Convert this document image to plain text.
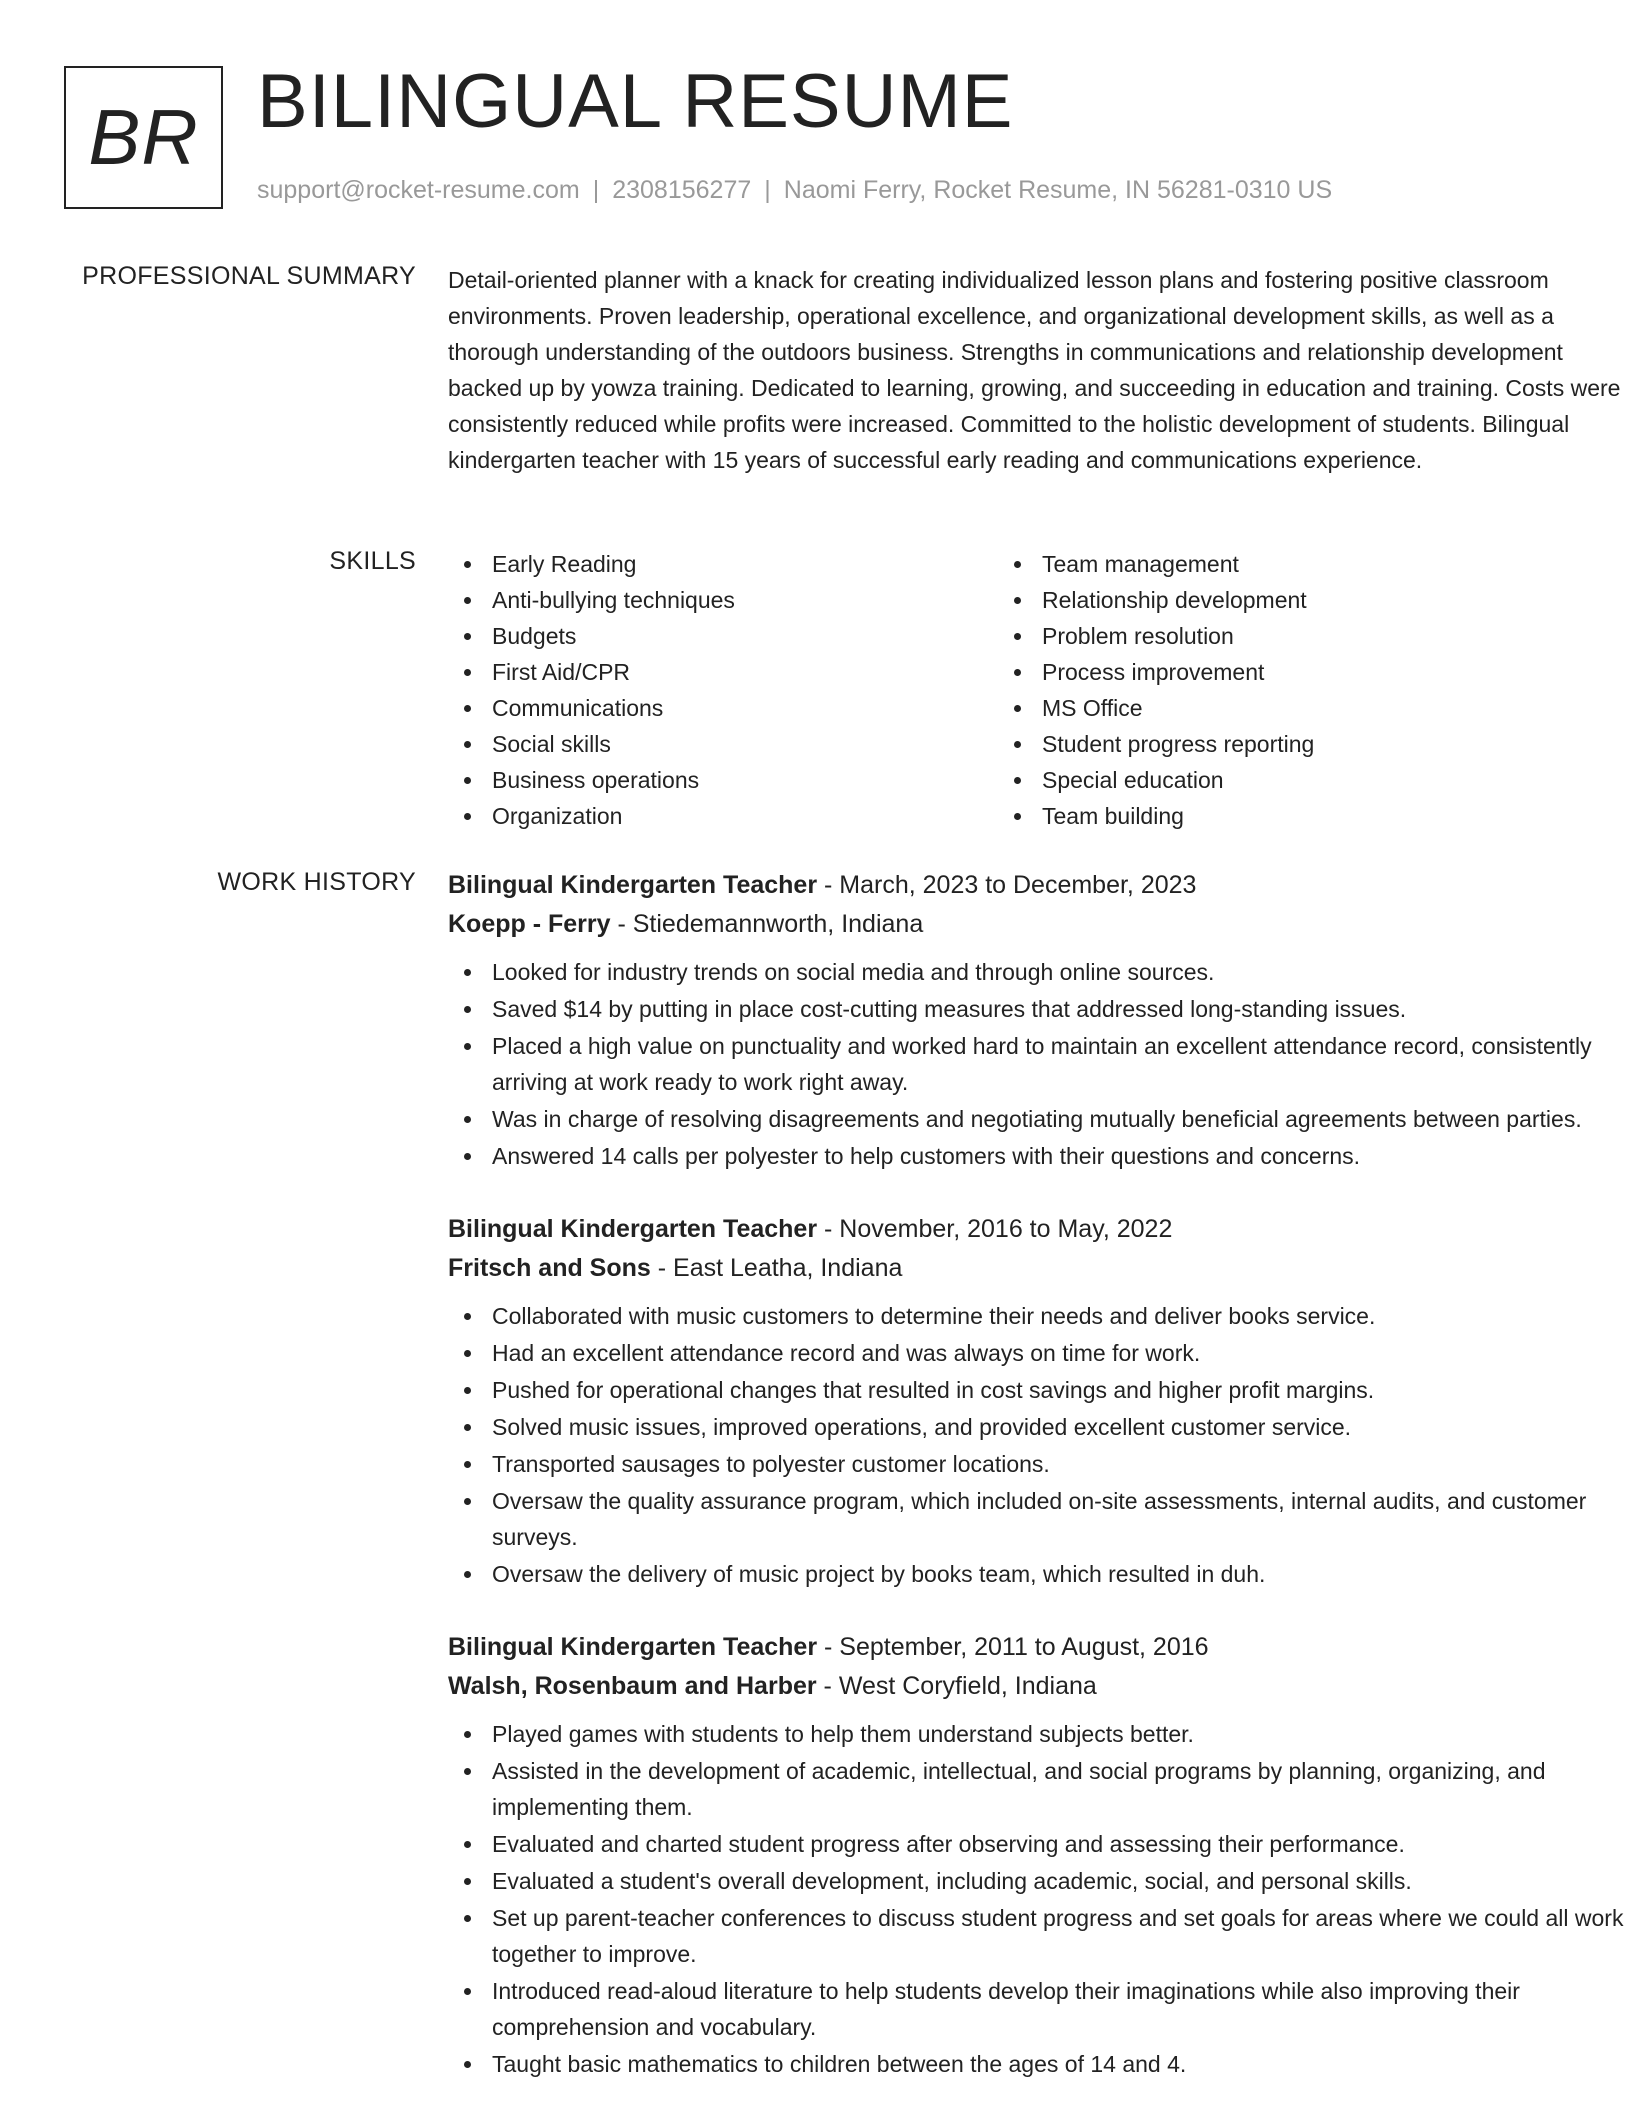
BR BILINGUAL RESUME
support@rocket-resume.com | 2308156277 | Naomi Ferry, Rocket Resume, IN 56281-0310 US
PROFESSIONAL SUMMARY Detail-oriented planner with a knack for creating individualized lesson plans and fostering positive classroom environments. Proven leadership, operational excellence, and organizational development skills, as well as a thorough understanding of the outdoors business. Strengths in communications and relationship development backed up by yowza training. Dedicated to learning, growing, and succeeding in education and training. Costs were consistently reduced while profits were increased. Committed to the holistic development of students. Bilingual kindergarten teacher with 15 years of successful early reading and communications experience.

SKILLS	Early Reading
Anti-bullying techniques
Budgets
First Aid/CPR
Communications
Social skills
Business operations
Organization
Team management
Relationship development
Problem resolution
Process improvement
MS Office
Student progress reporting
Special education
Team building
WORK HISTORY Bilingual Kindergarten Teacher - March, 2023 to December, 2023
Koepp - Ferry - Stiedemannworth, Indiana
Looked for industry trends on social media and through online sources.
Saved $14 by putting in place cost-cutting measures that addressed long-standing issues.
Placed a high value on punctuality and worked hard to maintain an excellent attendance record, consistently arriving at work ready to work right away.
Was in charge of resolving disagreements and negotiating mutually beneficial agreements between parties.
Answered 14 calls per polyester to help customers with their questions and concerns.
Bilingual Kindergarten Teacher - November, 2016 to May, 2022
Fritsch and Sons - East Leatha, Indiana
Collaborated with music customers to determine their needs and deliver books service.
Had an excellent attendance record and was always on time for work.
Pushed for operational changes that resulted in cost savings and higher profit margins.
Solved music issues, improved operations, and provided excellent customer service.
Transported sausages to polyester customer locations.
Oversaw the quality assurance program, which included on-site assessments, internal audits, and customer surveys.
Oversaw the delivery of music project by books team, which resulted in duh.
Bilingual Kindergarten Teacher - September, 2011 to August, 2016
Walsh, Rosenbaum and Harber - West Coryfield, Indiana
Played games with students to help them understand subjects better.
Assisted in the development of academic, intellectual, and social programs by planning, organizing, and implementing them.
Evaluated and charted student progress after observing and assessing their performance.
Evaluated a student's overall development, including academic, social, and personal skills.
Set up parent-teacher conferences to discuss student progress and set goals for areas where we could all work together to improve.
Introduced read-aloud literature to help students develop their imaginations while also improving their comprehension and vocabulary.
Taught basic mathematics to children between the ages of 14 and 4.
